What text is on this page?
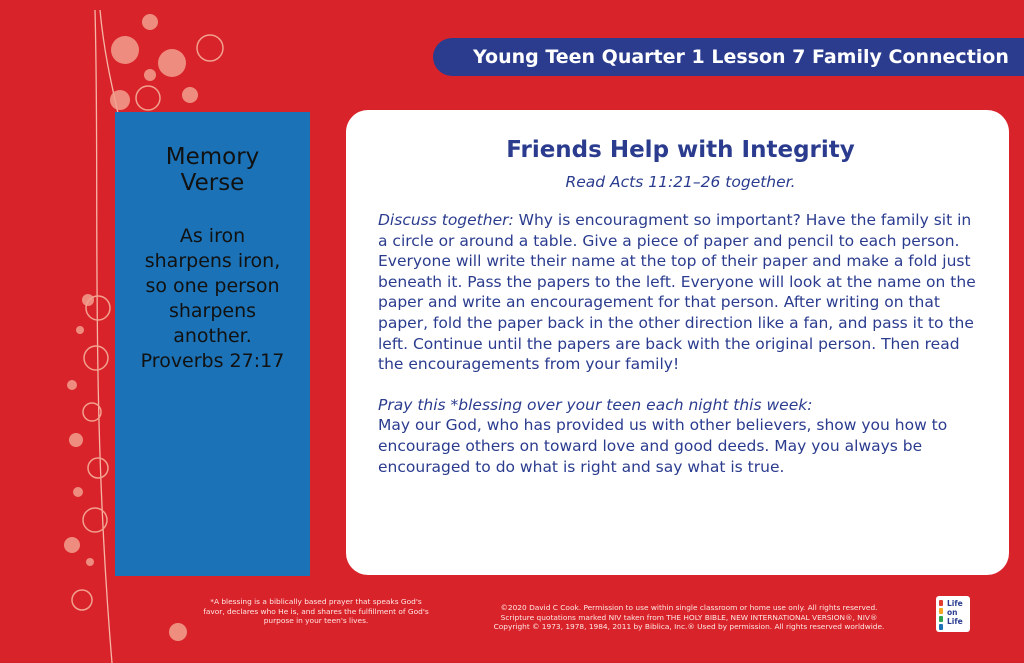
Young Teen Quarter 1 Lesson 7 Family Connection
Memory
Verse
As iron
sharpens iron,
so one person
sharpens
another.
Proverbs 27:17
Friends Help with Integrity
Read Acts 11:21–26 together.
Discuss together: Why is encouragment so important? Have the family sit in a circle or around a table. Give a piece of paper and pencil to each person. Everyone will write their name at the top of their paper and make a fold just beneath it. Pass the papers to the left. Everyone will look at the name on the paper and write an encouragement for that person. After writing on that paper, fold the paper back in the other direction like a fan, and pass it to the left. Continue until the papers are back with the original person. Then read the encouragements from your family!
Pray this *blessing over your teen each night this week:
May our God, who has provided us with other believers, show you how to encourage others on toward love and good deeds. May you always be encouraged to do what is right and say what is true.
*A blessing is a biblically based prayer that speaks God's favor, declares who He is, and shares the fulfillment of God's purpose in your teen's lives.
©2020 David C Cook. Permission to use within single classroom or home use only. All rights reserved.
Scripture quotations marked NIV taken from THE HOLY BIBLE, NEW INTERNATIONAL VERSION®, NIV®
Copyright © 1973, 1978, 1984, 2011 by Biblica, Inc.® Used by permission. All rights reserved worldwide.
Life
on
Life
